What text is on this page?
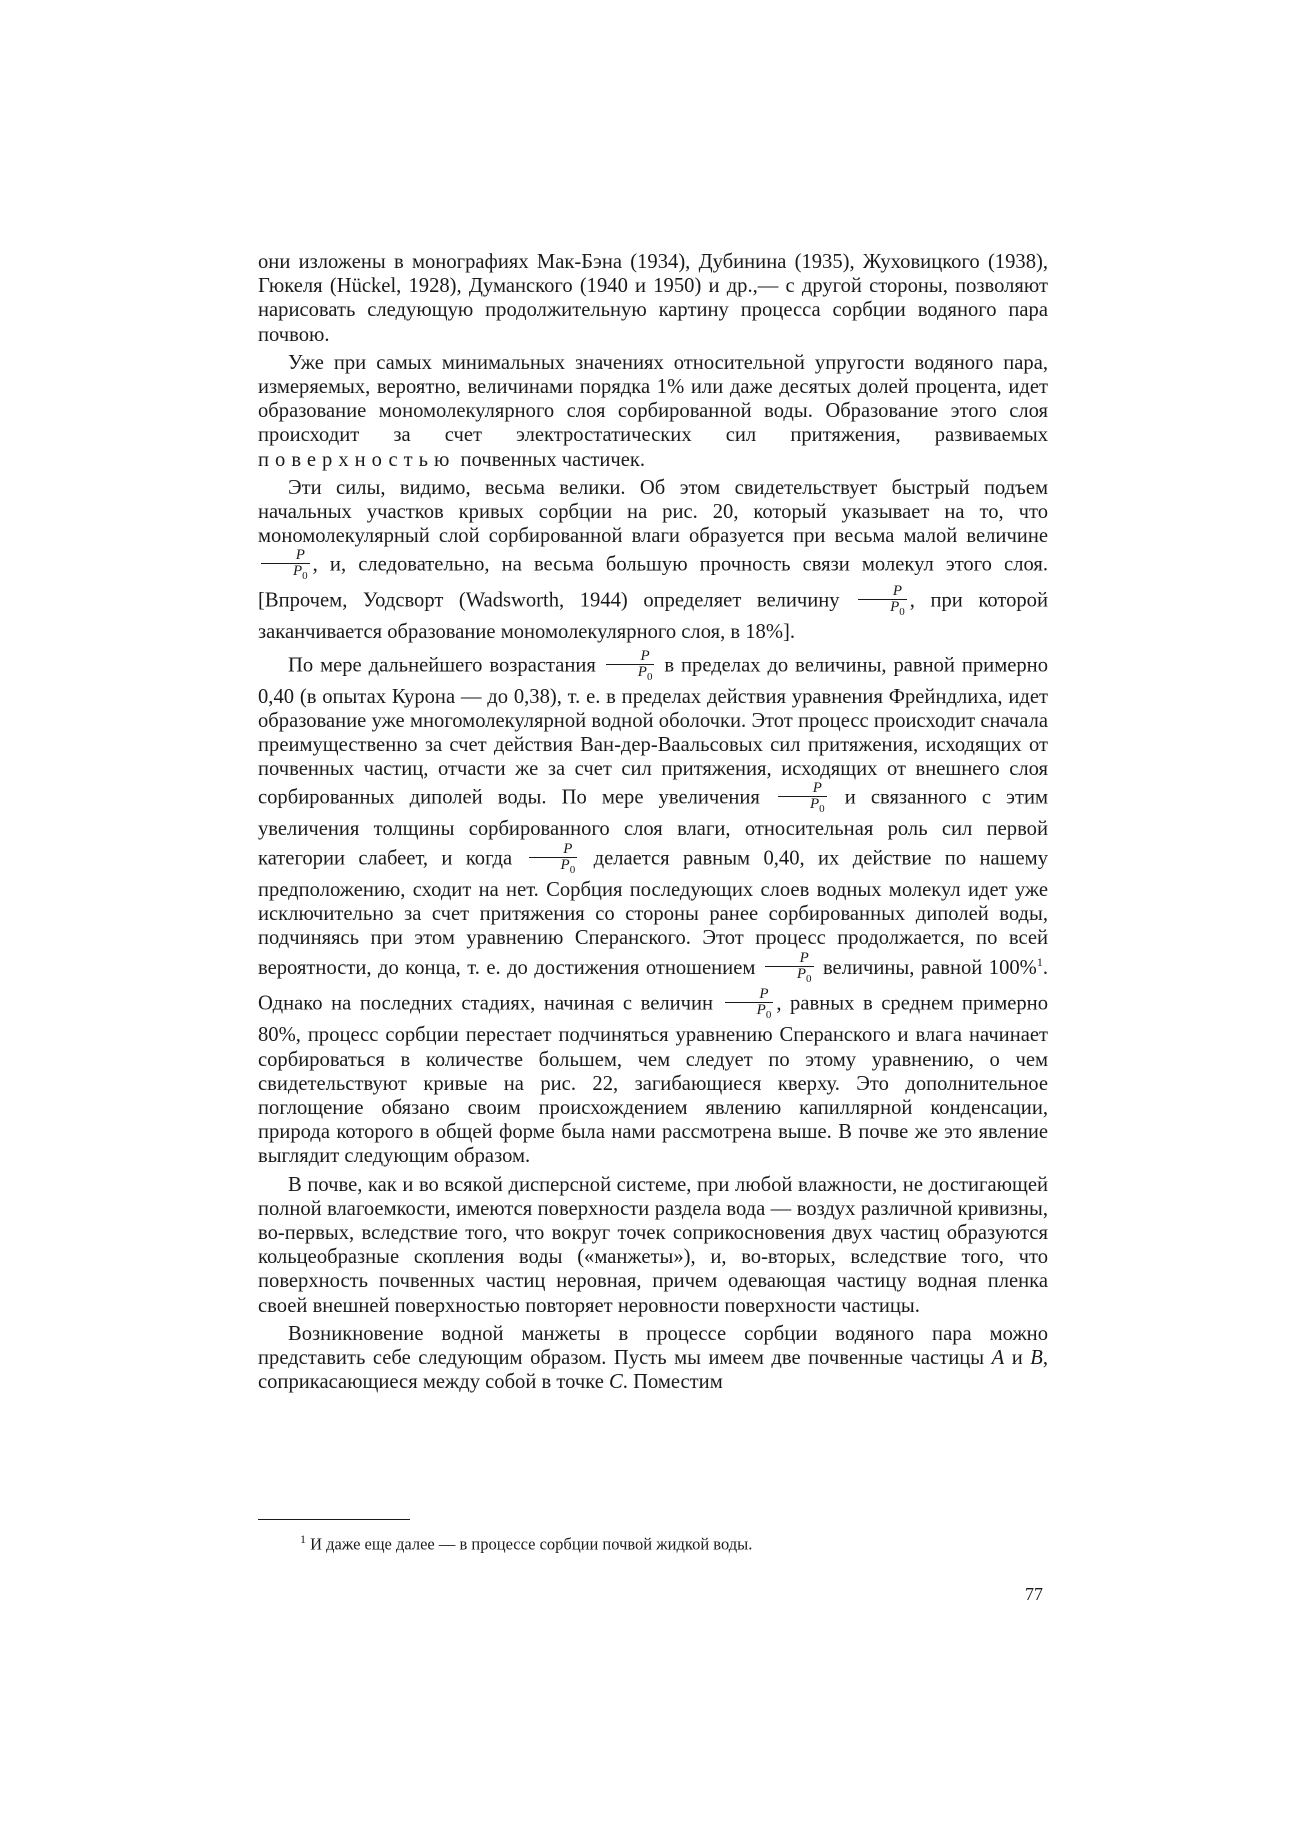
они изложены в монографиях Мак-Бэна (1934), Дубинина (1935), Жуховицкого (1938), Гюкеля (Hückel, 1928), Думанского (1940 и 1950) и др.,— с другой стороны, позволяют нарисовать следующую продолжительную картину процесса сорбции водяного пара почвою.

Уже при самых минимальных значениях относительной упругости водяного пара, измеряемых, вероятно, величинами порядка 1% или даже десятых долей процента, идет образование мономолекулярного слоя сорбированной воды. Образование этого слоя происходит за счет электростатических сил притяжения, развиваемых поверхностью почвенных частичек.

Эти силы, видимо, весьма велики. Об этом свидетельствует быстрый подъем начальных участков кривых сорбции на рис. 20, который указывает на то, что мономолекулярный слой сорбированной влаги образуется при весьма малой величине
$\frac{P}{P_0}$ , и, следовательно, на весьма большую прочность связи молекул этого слоя. [Впрочем, Уодсворт (Wadsworth, 1944) определяет величину $\frac{P}{P_0}$ , при которой заканчивается образование мономолекулярного слоя, в 18%].

По мере дальнейшего возрастания $\frac{P}{P_0}$ в пределах до величины, равной примерно 0,40 (в опытах Курона — до 0,38), т. е. в пределах действия уравнения Фрейндлиха, идет образование уже многомолекулярной водной оболочки. Этот процесс происходит сначала преимущественно за счет действия Ван-дер-Ваальсовых сил притяжения, исходящих от почвенных частиц, отчасти же за счет сил притяжения, исходящих от внешнего слоя сорбированных диполей воды. По мере увеличения $\frac{P}{P_0}$ и связанного с этим увеличения толщины сорбированного слоя влаги, относительная роль сил первой категории слабеет, и когда $\frac{P}{P_0}$ делается равным 0,40, их действие по нашему предположению, сходит на нет. Сорбция последующих слоев водных молекул идет уже исключительно за счет притяжения со стороны ранее сорбированных диполей воды, подчиняясь при этом уравнению Сперанского. Этот процесс продолжается, по всей вероятности, до конца, т. е. до достижения отношением $\frac{P}{P_0}$ величины, равной 100%$^1$. Однако на последних стадиях, начиная с величин $\frac{P}{P_0}$ , равных в среднем примерно 80%, процесс сорбции перестает подчиняться уравнению Сперанского и влага начинает сорбироваться в количестве большем, чем следует по этому уравнению, о чем свидетельствуют кривые на рис. 22, загибающиеся кверху. Это дополнительное поглощение обязано своим происхождением явлению капиллярной конденсации, природа которого в общей форме была нами рассмотрена выше. В почве же это явление выглядит следующим образом.

В почве, как и во всякой дисперсной системе, при любой влажности, не достигающей полной влагоемкости, имеются поверхности раздела вода — воздух различной кривизны, во-первых, вследствие того, что вокруг точек соприкосновения двух частиц образуются кольцеобразные скопления воды («манжеты»), и, во-вторых, вследствие того, что поверхность почвенных частиц неровная, причем одевающая частицу водная пленка своей внешней поверхностью повторяет неровности поверхности частицы.

Возникновение водной манжеты в процессе сорбции водяного пара можно представить себе следующим образом. Пусть мы имеем две почвенные частицы A и B, соприкасающиеся между собой в точке C. Поместим

$^1$ И даже еще далее — в процессе сорбции почвой жидкой воды.
77
